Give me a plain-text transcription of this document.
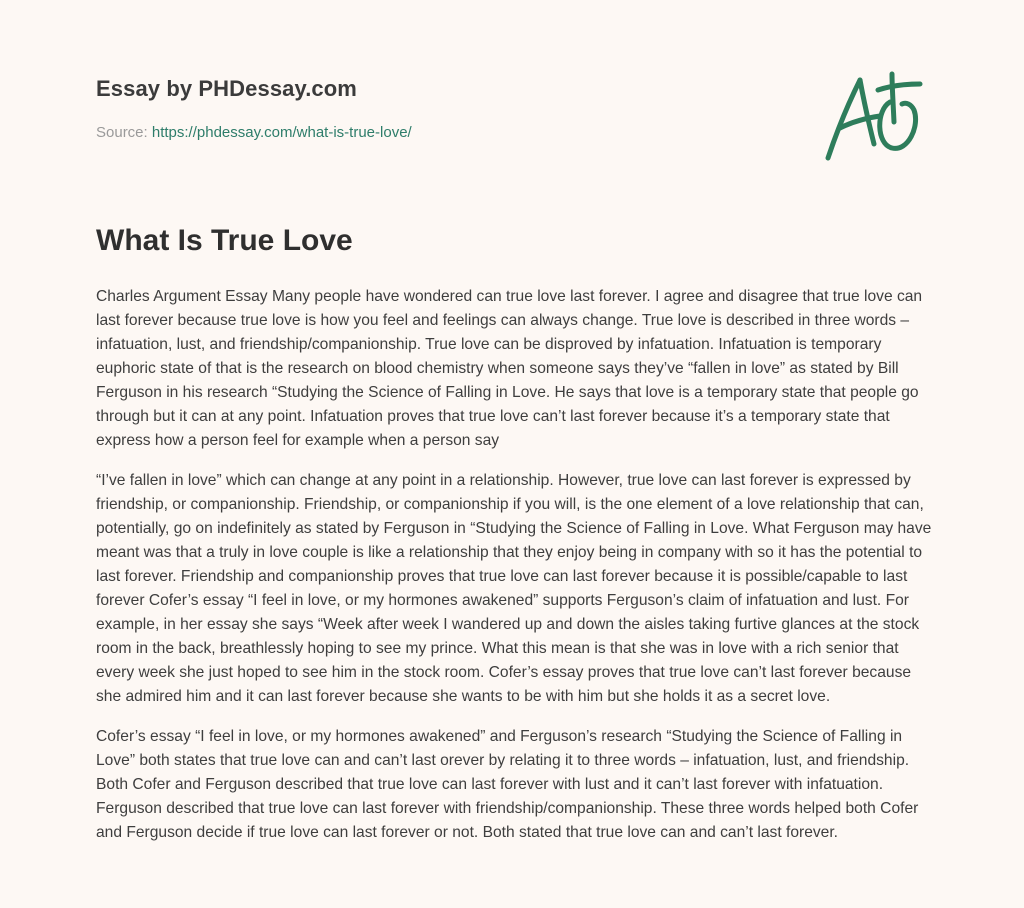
Essay by PHDessay.com
Source: https://phdessay.com/what-is-true-love/
What Is True Love

Charles Argument Essay Many people have wondered can true love last forever. I agree and disagree that true love can last forever because true love is how you feel and feelings can always change. True love is described in three words – infatuation, lust, and friendship/companionship. True love can be disproved by infatuation. Infatuation is temporary euphoric state of that is the research on blood chemistry when someone says they’ve “fallen in love” as stated by Bill Ferguson in his research “Studying the Science of Falling in Love. He says that love is a temporary state that people go through but it can at any point. Infatuation proves that true love can’t last forever because it’s a temporary state that express how a person feel for example when a person say

“I’ve fallen in love” which can change at any point in a relationship. However, true love can last forever is expressed by friendship, or companionship. Friendship, or companionship if you will, is the one element of a love relationship that can, potentially, go on indefinitely as stated by Ferguson in “Studying the Science of Falling in Love. What Ferguson may have meant was that a truly in love couple is like a relationship that they enjoy being in company with so it has the potential to last forever. Friendship and companionship proves that true love can last forever because it is possible/capable to last forever Cofer’s essay “I feel in love, or my hormones awakened” supports Ferguson’s claim of infatuation and lust. For example, in her essay she says “Week after week I wandered up and down the aisles taking furtive glances at the stock room in the back, breathlessly hoping to see my prince. What this mean is that she was in love with a rich senior that every week she just hoped to see him in the stock room. Cofer’s essay proves that true love can’t last forever because she admired him and it can last forever because she wants to be with him but she holds it as a secret love.

Cofer’s essay “I feel in love, or my hormones awakened” and Ferguson’s research “Studying the Science of Falling in Love” both states that true love can and can’t last orever by relating it to three words – infatuation, lust, and friendship. Both Cofer and Ferguson described that true love can last forever with lust and it can’t last forever with infatuation. Ferguson described that true love can last forever with friendship/companionship. These three words helped both Cofer and Ferguson decide if true love can last forever or not. Both stated that true love can and can’t last forever.
